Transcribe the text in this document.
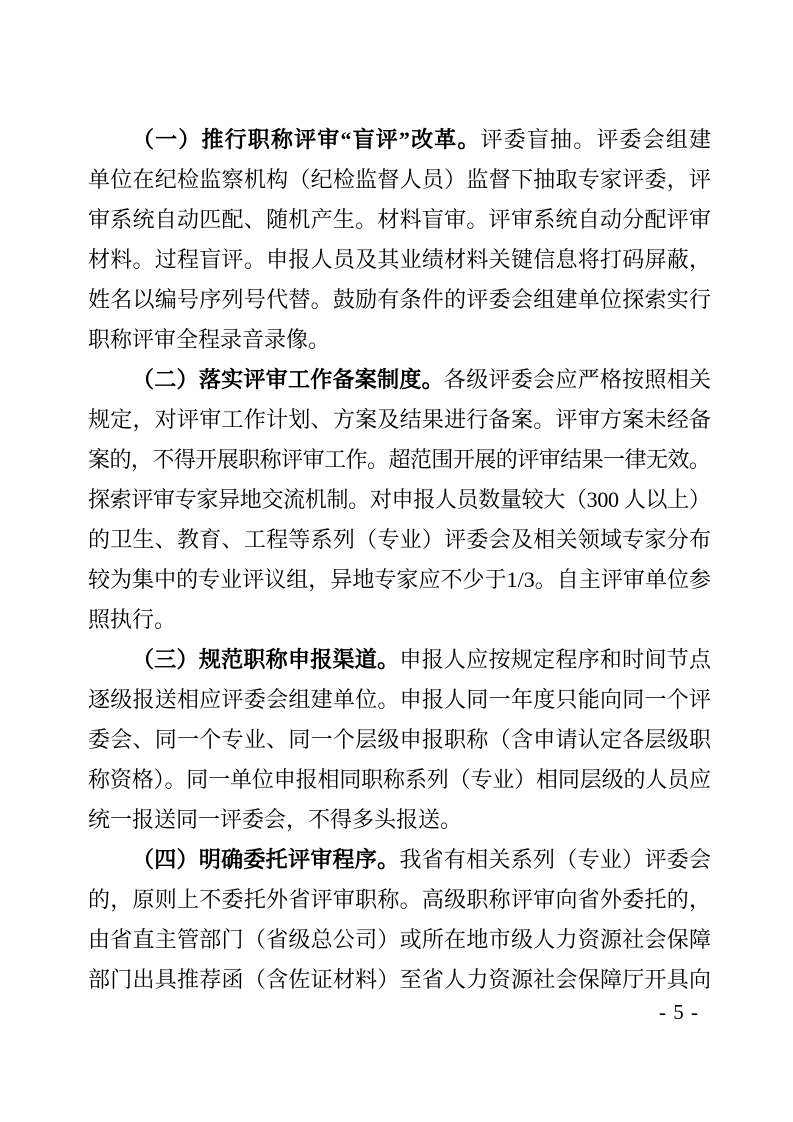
（一）推行职称评审“盲评”改革。评委盲抽。评委会组建
单位在纪检监察机构（纪检监督人员）监督下抽取专家评委，评
审系统自动匹配、随机产生。材料盲审。评审系统自动分配评审
材料。过程盲评。申报人员及其业绩材料关键信息将打码屏蔽，
姓名以编号序列号代替。鼓励有条件的评委会组建单位探索实行
职称评审全程录音录像。
（二）落实评审工作备案制度。各级评委会应严格按照相关
规定，对评审工作计划、方案及结果进行备案。评审方案未经备
案的，不得开展职称评审工作。超范围开展的评审结果一律无效。
探索评审专家异地交流机制。对申报人员数量较大（300 人以上）
的卫生、教育、工程等系列（专业）评委会及相关领域专家分布
较为集中的专业评议组，异地专家应不少于1/3。自主评审单位参
照执行。
（三）规范职称申报渠道。申报人应按规定程序和时间节点
逐级报送相应评委会组建单位。申报人同一年度只能向同一个评
委会、同一个专业、同一个层级申报职称（含申请认定各层级职
称资格）。同一单位申报相同职称系列（专业）相同层级的人员应
统一报送同一评委会，不得多头报送。
（四）明确委托评审程序。我省有相关系列（专业）评委会
的，原则上不委托外省评审职称。高级职称评审向省外委托的，
由省直主管部门（省级总公司）或所在地市级人力资源社会保障
部门出具推荐函（含佐证材料）至省人力资源社会保障厅开具向
- 5 -
